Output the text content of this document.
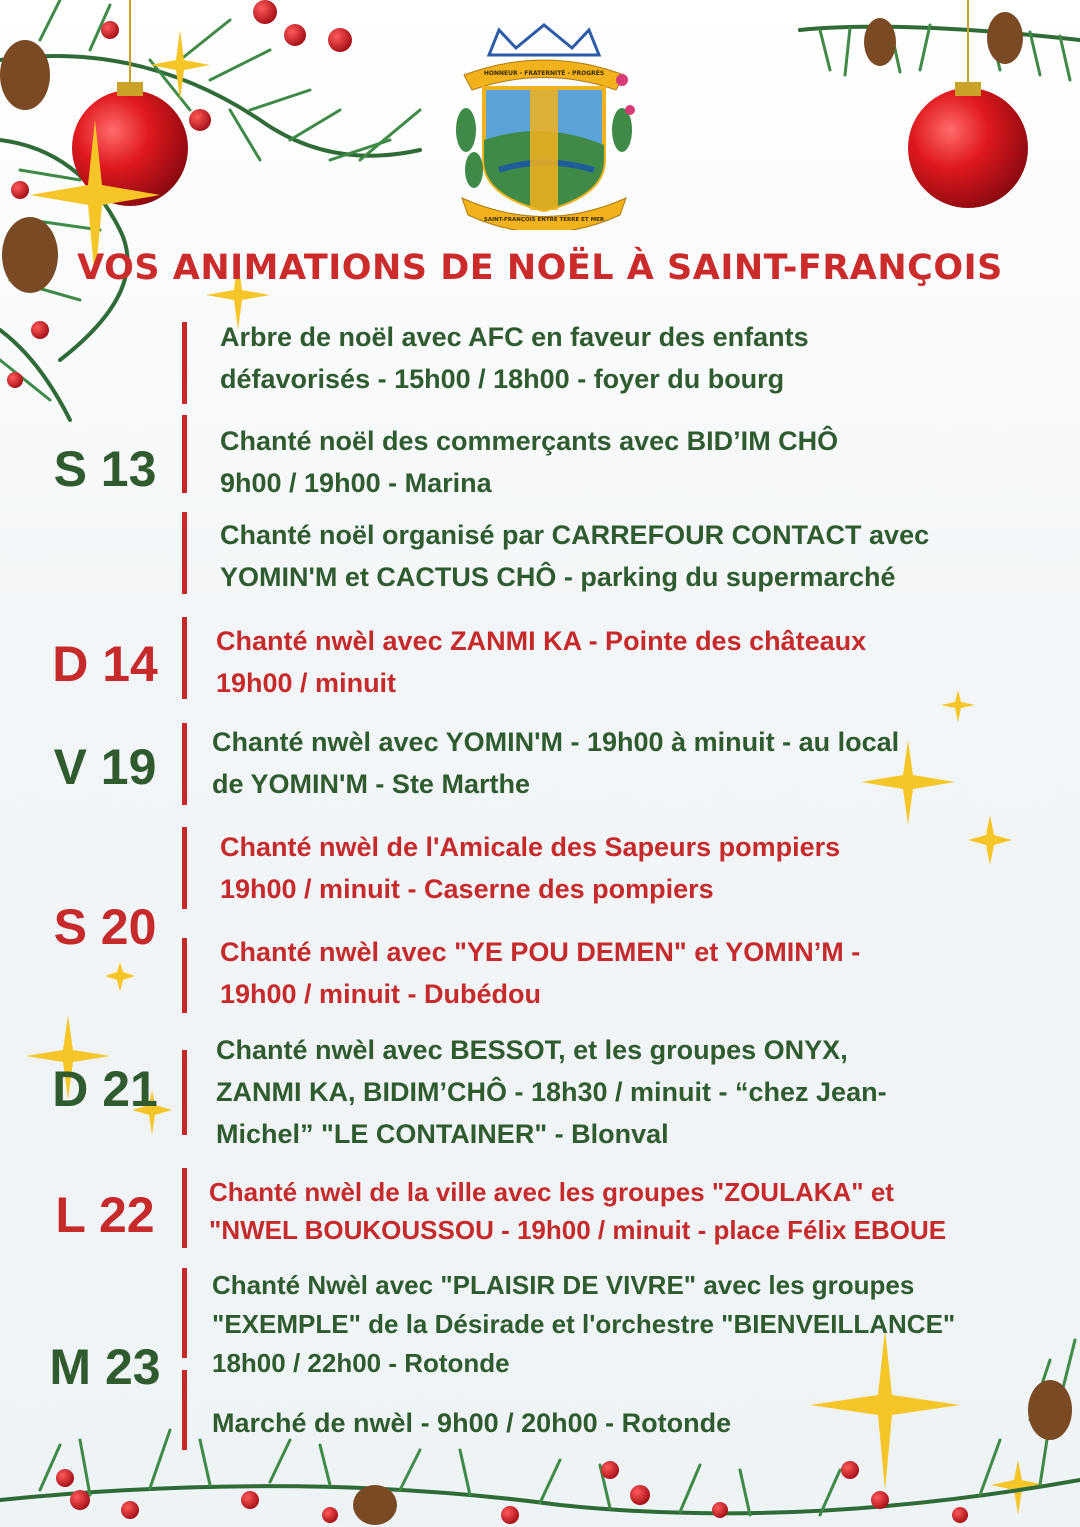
HONNEUR - FRATERNITÉ - PROGRÈS
SAINT-FRANÇOIS ENTRE TERRE ET MER
VOS ANIMATIONS DE NOËL À SAINT-FRANÇOIS
S 13
D 14
V 19
S 20
D 21
L 22
M 23
Arbre de noël avec AFC en faveur des enfants
défavorisés - 15h00 / 18h00 - foyer du bourg
Chanté noël des commerçants avec BID’IM CHÔ
9h00 / 19h00 - Marina
Chanté noël organisé par CARREFOUR CONTACT avec
YOMIN'M et CACTUS CHÔ - parking du supermarché
Chanté nwèl avec ZANMI KA - Pointe des châteaux
19h00 / minuit
Chanté nwèl avec YOMIN'M - 19h00 à minuit - au local
de YOMIN'M - Ste Marthe
Chanté nwèl de l'Amicale des Sapeurs pompiers
19h00 / minuit - Caserne des pompiers
Chanté nwèl avec "YE POU DEMEN" et YOMIN’M -
19h00 / minuit - Dubédou
Chanté nwèl avec BESSOT, et les groupes ONYX,
ZANMI KA, BIDIM’CHÔ - 18h30 / minuit - “chez Jean-
Michel” "LE CONTAINER" - Blonval
Chanté nwèl de la ville avec les groupes "ZOULAKA" et
"NWEL BOUKOUSSOU - 19h00 / minuit - place Félix EBOUE
Chanté Nwèl avec "PLAISIR DE VIVRE" avec les groupes
"EXEMPLE" de la Désirade et l'orchestre "BIENVEILLANCE"
18h00 / 22h00 - Rotonde
Marché de nwèl - 9h00 / 20h00 - Rotonde
